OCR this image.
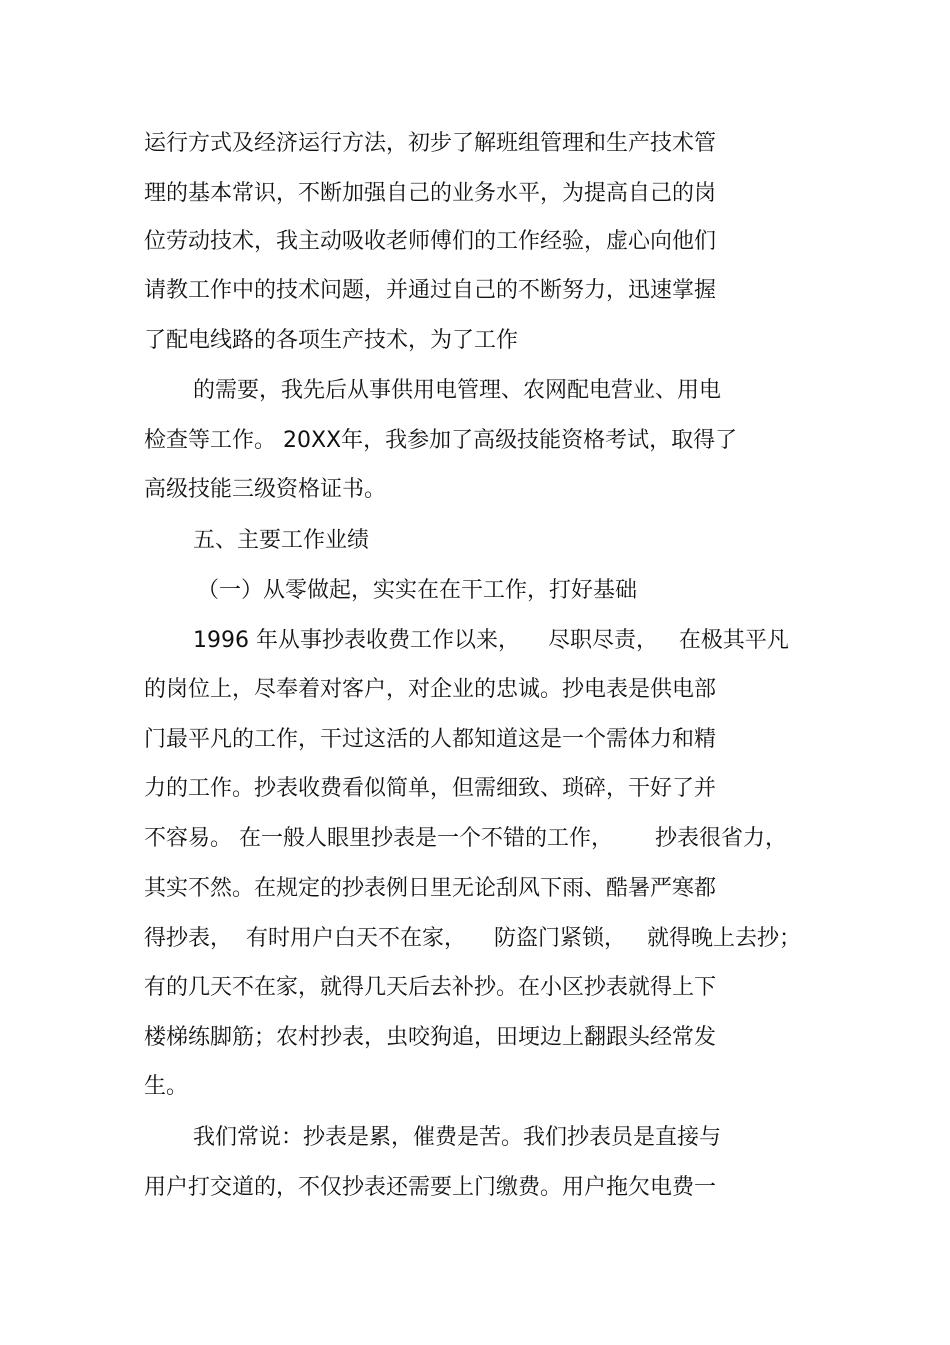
运行方式及经济运行方法，初步了解班组管理和生产技术管
理的基本常识，不断加强自己的业务水平，为提高自己的岗
位劳动技术，我主动吸收老师傅们的工作经验，虚心向他们
请教工作中的技术问题，并通过自己的不断努力，迅速掌握
了配电线路的各项生产技术，为了工作
的需要，我先后从事供用电管理、农网配电营业、用电
检查等工作。 20XX年，我参加了高级技能资格考试，取得了
高级技能三级资格证书。
五、主要工作业绩
（一）从零做起，实实在在干工作，打好基础
1996 年从事抄表收费工作以来，    尽职尽责，   在极其平凡
的岗位上，尽奉着对客户，对企业的忠诚。抄电表是供电部
门最平凡的工作，干过这活的人都知道这是一个需体力和精
力的工作。抄表收费看似简单，但需细致、琐碎，干好了并
不容易。 在一般人眼里抄表是一个不错的工作，      抄表很省力，
其实不然。在规定的抄表例日里无论刮风下雨、酷暑严寒都
得抄表，  有时用户白天不在家，    防盗门紧锁，   就得晚上去抄；
有的几天不在家，就得几天后去补抄。在小区抄表就得上下
楼梯练脚筋；农村抄表，虫咬狗追，田埂边上翻跟头经常发
生。
我们常说：抄表是累，催费是苦。我们抄表员是直接与
用户打交道的，不仅抄表还需要上门缴费。用户拖欠电费一
